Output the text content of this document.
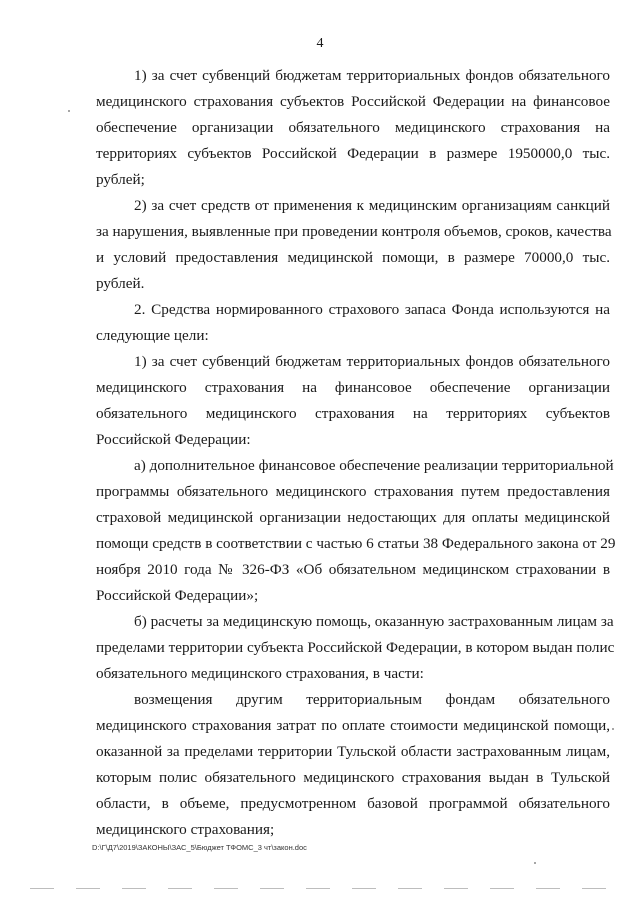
4
1) за счет субвенций бюджетам территориальных фондов обязательного
медицинского страхования субъектов Российской Федерации на финансовое
обеспечение организации обязательного медицинского страхования на
территориях субъектов Российской Федерации в размере 1950000,0 тыс.
рублей;
2) за счет средств от применения к медицинским организациям санкций
за нарушения, выявленные при проведении контроля объемов, сроков, качества
и условий предоставления медицинской помощи, в размере 70000,0 тыс.
рублей.
2. Средства нормированного страхового запаса Фонда используются на
следующие цели:
1) за счет субвенций бюджетам территориальных фондов обязательного
медицинского страхования на финансовое обеспечение организации
обязательного медицинского страхования на территориях субъектов
Российской Федерации:
а) дополнительное финансовое обеспечение реализации территориальной
программы обязательного медицинского страхования путем предоставления
страховой медицинской организации недостающих для оплаты медицинской
помощи средств в соответствии с частью 6 статьи 38 Федерального закона от 29
ноября 2010 года № 326-ФЗ «Об обязательном медицинском страховании в
Российской Федерации»;
б) расчеты за медицинскую помощь, оказанную застрахованным лицам за
пределами территории субъекта Российской Федерации, в котором выдан полис
обязательного медицинского страхования, в части:
возмещения другим территориальным фондам обязательного
медицинского страхования затрат по оплате стоимости медицинской помощи,
оказанной за пределами территории Тульской области застрахованным лицам,
которым полис обязательного медицинского страхования выдан в Тульской
области, в объеме, предусмотренном базовой программой обязательного
медицинского страхования;
D:\Г\Д7\2019\ЗАКОНЫ\ЗАС_5\Бюджет ТФОМС_3 чт\закон.doc
